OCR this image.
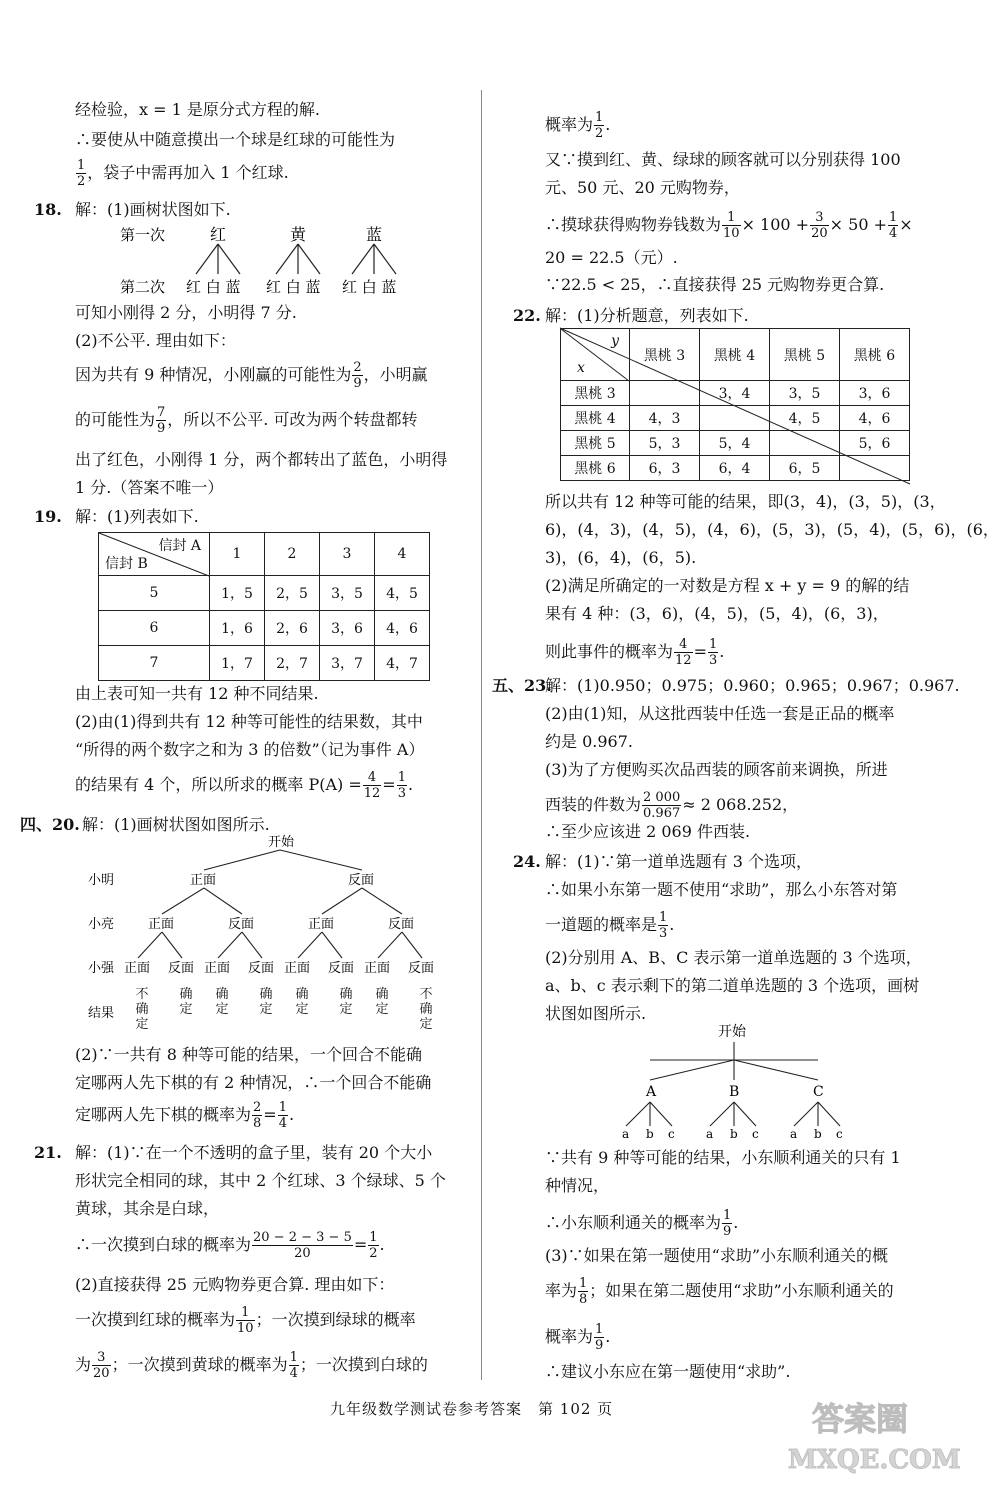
经检验，x = 1 是原分式方程的解.
∴要使从中随意摸出一个球是红球的可能性为
$\frac{1}{2}$ ，袋子中需再加入 1 个红球.
18. 解：(1)画树状图如下.
第一次	红	黄	蓝
第二次 红 白 蓝 红 白 蓝 红 白 蓝
可知小刚得 2 分，小明得 7 分.
(2)不公平. 理由如下：
因为共有 9 种情况，小刚赢的可能性为 $\frac{2}{9}$ ，小明赢
的可能性为 $\frac{7}{9}$ ，所以不公平. 可改为两个转盘都转
出了红色，小刚得 1 分，两个都转出了蓝色，小明得
1 分.（答案不唯一）
19. 解：(1)列表如下.
信封 A
信封 B	1	2	3	4
5	1，5	2，5	3，5	4，5
6	1，6	2，6	3，6	4，6
7	1，7	2，7	3，7	4，7
由上表可知一共有 12 种不同结果.
(2)由(1)得到共有 12 种等可能性的结果数，其中
“所得的两个数字之和为 3 的倍数”（记为事件 A）
的结果有 4 个，所以所求的概率 $P(A) = \frac{4}{12} = \frac{1}{3}$ .
四、20. 解：(1)画树状图如图所示.
开始
小明
小亮
小强
结果
正面	反面
正面	反面	正面	反面
正面 反面 正面 反面 正面 反面 正面 反面
不确定
确定
确定
确定
确定
确定
确定
不确定
(2)∵一共有 8 种等可能的结果，一个回合不能确
定哪两人先下棋的有 2 种情况，∴一个回合不能确
定哪两人先下棋的概率为 $\frac{2}{8} = \frac{1}{4}$ .
21. 解：(1)∵在一个不透明的盒子里，装有 20 个大小
形状完全相同的球，其中 2 个红球、3 个绿球、5 个
黄球，其余是白球，
∴一次摸到白球的概率为 $\frac{20 - 2 - 3 - 5}{20} = \frac{1}{2}$ .
(2)直接获得 25 元购物券更合算. 理由如下：
一次摸到红球的概率为 $\frac{1}{10}$ ；一次摸到绿球的概率
为 $\frac{3}{20}$ ；一次摸到黄球的概率为 $\frac{1}{4}$ ；一次摸到白球的
概率为 $\frac{1}{2}$ .
又∵摸到红、黄、绿球的顾客就可以分别获得 100
元、50 元、20 元购物券，
∴摸球获得购物券钱数为 $\frac{1}{10} \times 100 + \frac{3}{20} \times 50 + \frac{1}{4}$ ×
20 = 22.5（元）.
∵22.5 < 25，∴直接获得 25 元购物券更合算.
22. 解：(1)分析题意，列表如下.
y
x	黑桃 3	黑桃 4	黑桃 5	黑桃 6
黑桃 3		3，4	3，5	3，6
黑桃 4	4，3		4，5	4，6
黑桃 5	5，3	5，4		5，6
黑桃 6	6，3	6，4	6，5	
所以共有 12 种等可能的结果，即(3，4)，(3，5)，(3，
6)，(4，3)，(4，5)，(4，6)，(5，3)，(5，4)，(5，6)，(6，
3)，(6，4)，(6，5).
(2)满足所确定的一对数是方程 x + y = 9 的解的结
果有 4 种：(3，6)，(4，5)，(5，4)，(6，3)，
则此事件的概率为 $\frac{4}{12} = \frac{1}{3}$ .
五、23.
解：(1)0.950；0.975；0.960；0.965；0.967；0.967.
(2)由(1)知，从这批西装中任选一套是正品的概率
约是 0.967.
(3)为了方便购买次品西装的顾客前来调换，所进
西装的件数为 $\frac{2 000}{0.967} \approx 2$ 068.252，
∴至少应该进 2 069 件西装.
24. 解：(1)∵第一道单选题有 3 个选项，
∴如果小东第一题不使用“求助”，那么小东答对第
一道题的概率是 $\frac{1}{3}$ .
(2)分别用 A、B、C 表示第一道单选题的 3 个选项，
a、b、c 表示剩下的第二道单选题的 3 个选项，画树
状图如图所示.
开始
A	B	C
a b c	a b c	a b c
∵共有 9 种等可能的结果，小东顺利通关的只有 1
种情况，
∴小东顺利通关的概率为 $\frac{1}{9}$ .
(3)∵如果在第一题使用“求助”小东顺利通关的概
率为 $\frac{1}{8}$ ；如果在第二题使用“求助”小东顺利通关的
概率为 $\frac{1}{9}$ .
∴建议小东应在第一题使用“求助”.
九年级数学测试卷参考答案　第 102 页	答案圈
MXQE.COM
